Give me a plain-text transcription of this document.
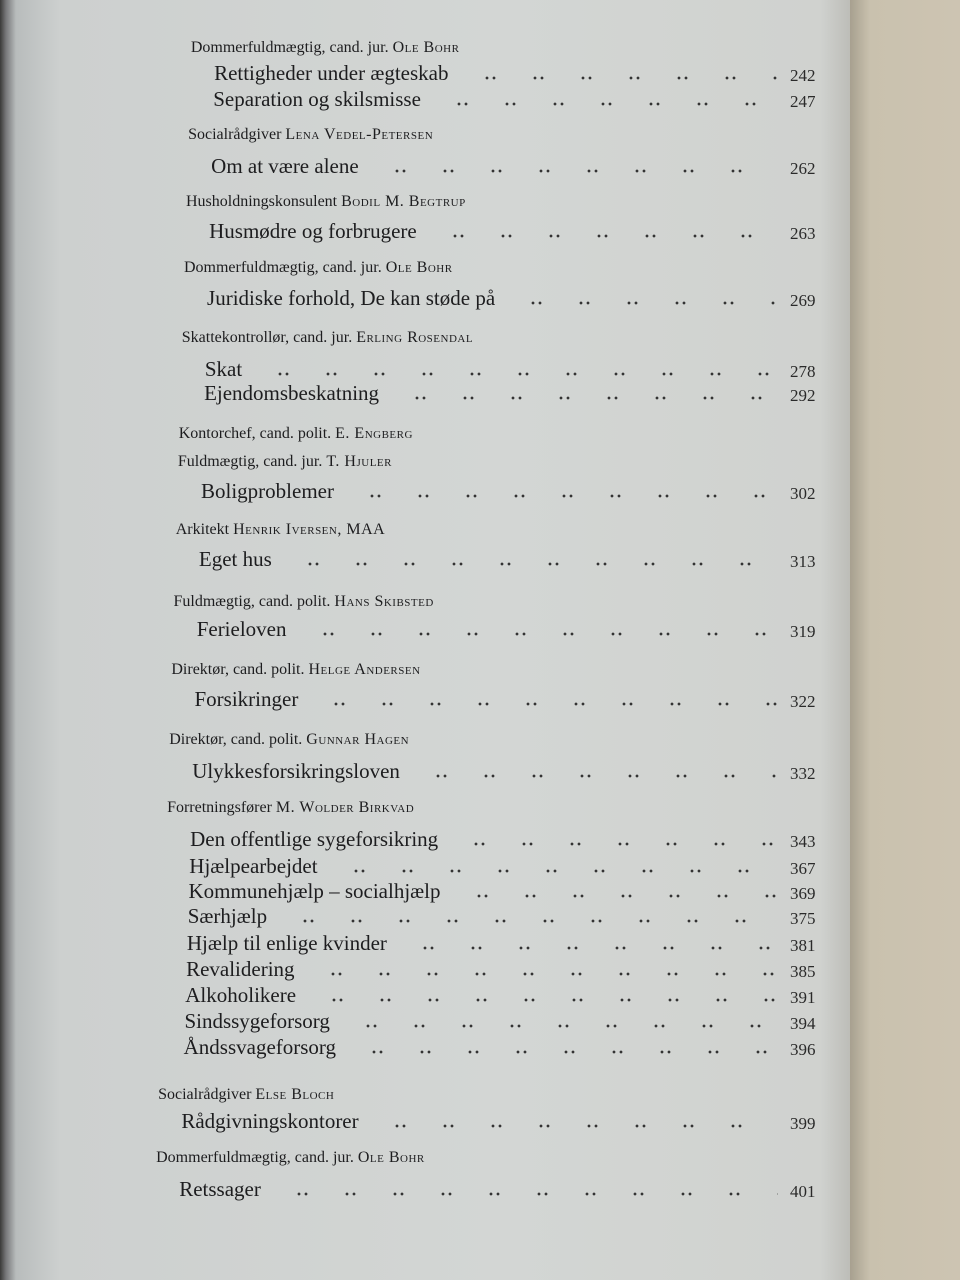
Dommerfuldmægtig, cand. jur. Ole Bohr
Rettigheder under ægteskab	242
Separation og skilsmisse	247
Socialrådgiver Lena Vedel-Petersen
Om at være alene	262
Husholdningskonsulent Bodil M. Begtrup
Husmødre og forbrugere	263
Dommerfuldmægtig, cand. jur. Ole Bohr
Juridiske forhold, De kan støde på	269
Skattekontrollør, cand. jur. Erling Rosendal
Skat	278
Ejendomsbeskatning	292
Kontorchef, cand. polit. E. Engberg
Fuldmægtig, cand. jur. T. Hjuler
Boligproblemer	302
Arkitekt Henrik Iversen, MAA
Eget hus	313
Fuldmægtig, cand. polit. Hans Skibsted
Ferieloven	319
Direktør, cand. polit. Helge Andersen
Forsikringer	322
Direktør, cand. polit. Gunnar Hagen
Ulykkesforsikringsloven	332
Forretningsfører M. Wolder Birkvad
Den offentlige sygeforsikring	343
Hjælpearbejdet	367
Kommunehjælp – socialhjælp	369
Særhjælp	375
Hjælp til enlige kvinder	381
Revalidering	385
Alkoholikere	391
Sindssygeforsorg	394
Åndssvageforsorg	396
Socialrådgiver Else Bloch
Rådgivningskontorer	399
Dommerfuldmægtig, cand. jur. Ole Bohr
Retssager	401
